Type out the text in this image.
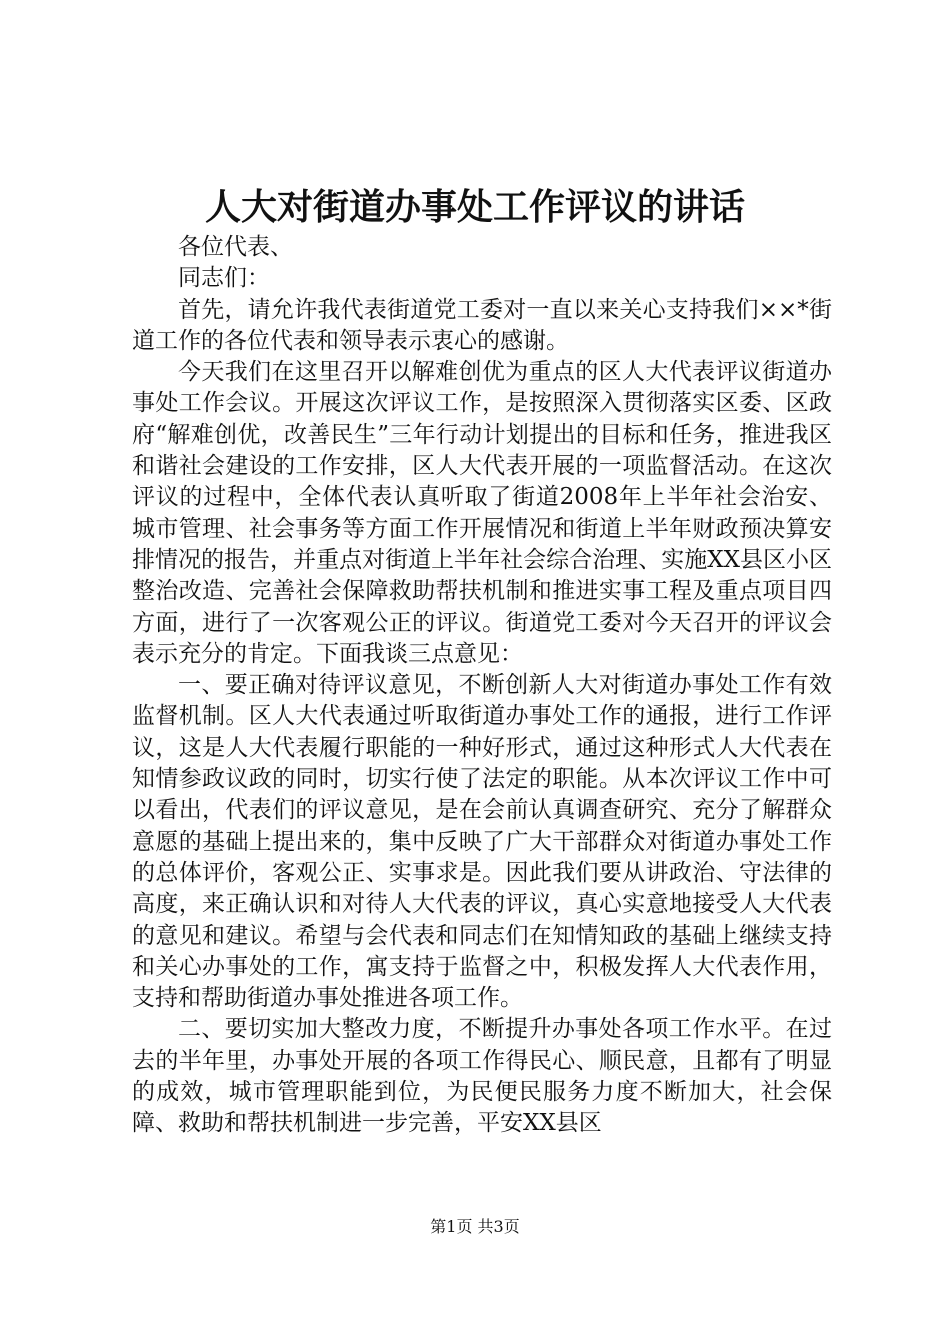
人大对街道办事处工作评议的讲话

各位代表、

同志们：

首先，请允许我代表街道党工委对一直以来关心支持我们××*街道工作的各位代表和领导表示衷心的感谢。

今天我们在这里召开以解难创优为重点的区人大代表评议街道办事处工作会议。开展这次评议工作，是按照深入贯彻落实区委、区政府“解难创优，改善民生”三年行动计划提出的目标和任务，推进我区和谐社会建设的工作安排，区人大代表开展的一项监督活动。在这次评议的过程中，全体代表认真听取了街道2008年上半年社会治安、城市管理、社会事务等方面工作开展情况和街道上半年财政预决算安排情况的报告，并重点对街道上半年社会综合治理、实施XX县区小区整治改造、完善社会保障救助帮扶机制和推进实事工程及重点项目四方面，进行了一次客观公正的评议。街道党工委对今天召开的评议会表示充分的肯定。下面我谈三点意见：

一、要正确对待评议意见，不断创新人大对街道办事处工作有效监督机制。区人大代表通过听取街道办事处工作的通报，进行工作评议，这是人大代表履行职能的一种好形式，通过这种形式人大代表在知情参政议政的同时，切实行使了法定的职能。从本次评议工作中可以看出，代表们的评议意见，是在会前认真调查研究、充分了解群众意愿的基础上提出来的，集中反映了广大干部群众对街道办事处工作的总体评价，客观公正、实事求是。因此我们要从讲政治、守法律的高度，来正确认识和对待人大代表的评议，真心实意地接受人大代表的意见和建议。希望与会代表和同志们在知情知政的基础上继续支持和关心办事处的工作，寓支持于监督之中，积极发挥人大代表作用，支持和帮助街道办事处推进各项工作。

二、要切实加大整改力度，不断提升办事处各项工作水平。在过去的半年里，办事处开展的各项工作得民心、顺民意，且都有了明显的成效，城市管理职能到位，为民便民服务力度不断加大，社会保障、救助和帮扶机制进一步完善，平安XX县区

第1页 共3页
